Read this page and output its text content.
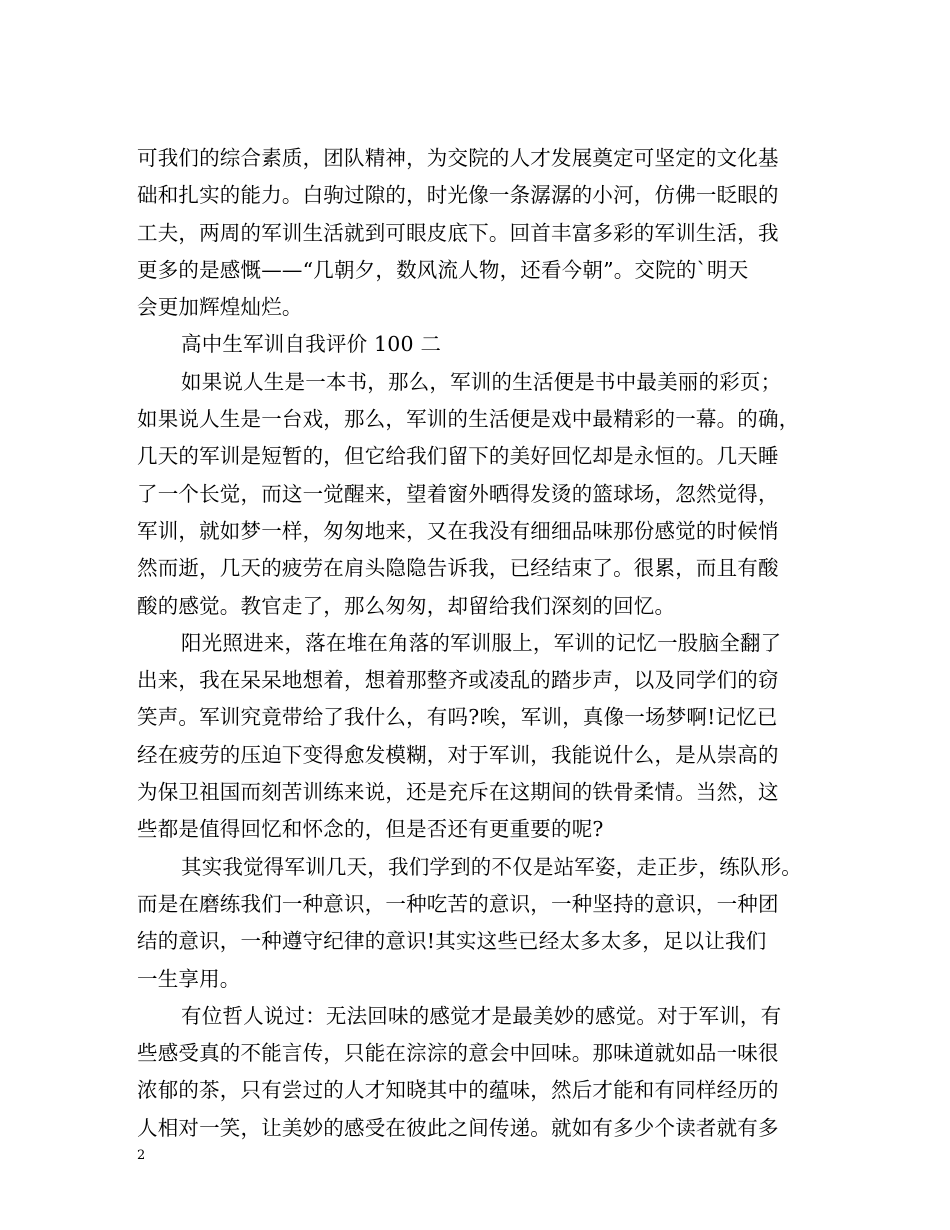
可我们的综合素质，团队精神，为交院的人才发展奠定可坚定的文化基
础和扎实的能力。白驹过隙的，时光像一条潺潺的小河，仿佛一眨眼的
工夫，两周的军训生活就到可眼皮底下。回首丰富多彩的军训生活，我
更多的是感慨——“几朝夕，数风流人物，还看今朝”。交院的`明天
会更加辉煌灿烂。
高中生军训自我评价 100 二
如果说人生是一本书，那么，军训的生活便是书中最美丽的彩页；
如果说人生是一台戏，那么，军训的生活便是戏中最精彩的一幕。的确，
几天的军训是短暂的，但它给我们留下的美好回忆却是永恒的。几天睡
了一个长觉，而这一觉醒来，望着窗外晒得发烫的篮球场，忽然觉得，
军训，就如梦一样，匆匆地来，又在我没有细细品味那份感觉的时候悄
然而逝，几天的疲劳在肩头隐隐告诉我，已经结束了。很累，而且有酸
酸的感觉。教官走了，那么匆匆，却留给我们深刻的回忆。
阳光照进来，落在堆在角落的军训服上，军训的记忆一股脑全翻了
出来，我在呆呆地想着，想着那整齐或凌乱的踏步声，以及同学们的窃
笑声。军训究竟带给了我什么，有吗?唉，军训，真像一场梦啊!记忆已
经在疲劳的压迫下变得愈发模糊，对于军训，我能说什么，是从崇高的
为保卫祖国而刻苦训练来说，还是充斥在这期间的铁骨柔情。当然，这
些都是值得回忆和怀念的，但是否还有更重要的呢?
其实我觉得军训几天，我们学到的不仅是站军姿，走正步，练队形。
而是在磨练我们一种意识，一种吃苦的意识，一种坚持的意识，一种团
结的意识，一种遵守纪律的意识!其实这些已经太多太多，足以让我们
一生享用。
有位哲人说过：无法回味的感觉才是最美妙的感觉。对于军训，有
些感受真的不能言传，只能在淙淙的意会中回味。那味道就如品一味很
浓郁的茶，只有尝过的人才知晓其中的蕴味，然后才能和有同样经历的
人相对一笑，让美妙的感受在彼此之间传递。就如有多少个读者就有多
2
